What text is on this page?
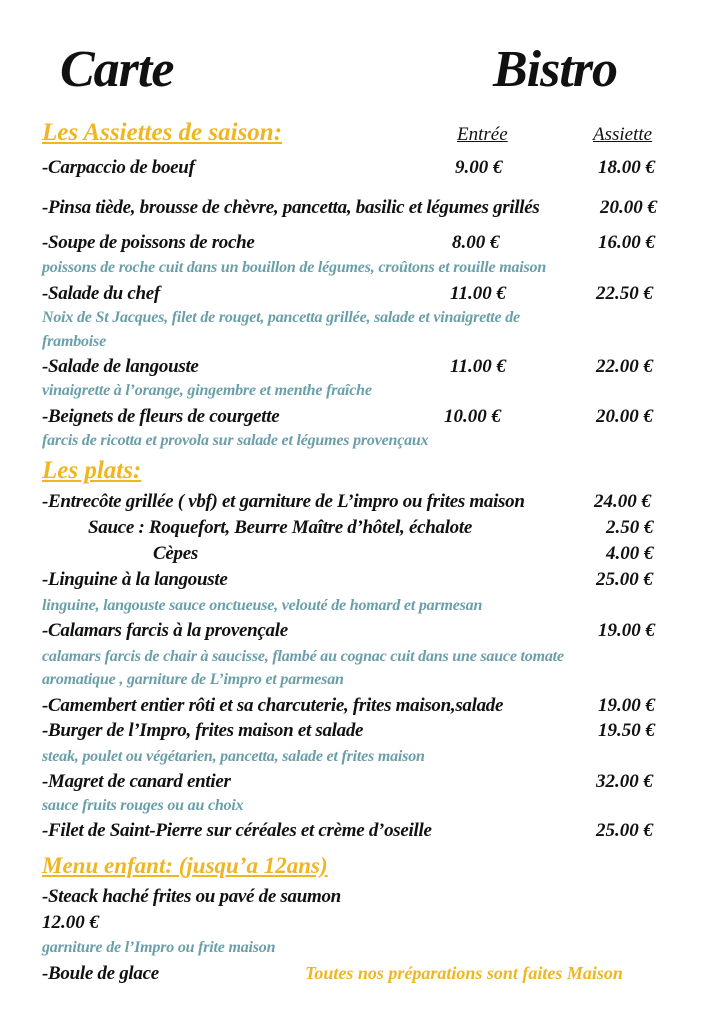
Carte	Bistro
Les Assiettes de saison:	Entrée	Assiette
-Carpaccio de boeuf	9.00 €	18.00 €
-Pinsa tiède, brousse de chèvre, pancetta, basilic et légumes grillés	20.00 €
-Soupe de poissons de roche	8.00 €	16.00 €
poissons de roche cuit dans un bouillon de légumes, croûtons et rouille maison
-Salade du chef	11.00 €	22.50 €
Noix de St Jacques, filet de rouget, pancetta grillée, salade et vinaigrette de
framboise
-Salade de langouste	11.00 €	22.00 €
vinaigrette à l’orange, gingembre et menthe fraîche
-Beignets de fleurs de courgette	10.00 €	20.00 €
farcis de ricotta et provola sur salade et légumes provençaux
Les plats:
-Entrecôte grillée ( vbf) et garniture de L’impro ou frites maison	24.00 €
Sauce : Roquefort, Beurre Maître d’hôtel, échalote	2.50 €
Cèpes	4.00 €
-Linguine à la langouste	25.00 €
linguine, langouste sauce onctueuse, velouté de homard et parmesan
-Calamars farcis à la provençale	19.00 €
calamars farcis de chair à saucisse, flambé au cognac cuit dans une sauce tomate
aromatique , garniture de L’impro et parmesan
-Camembert entier rôti et sa charcuterie, frites maison,salade	19.00 €
-Burger de l’Impro, frites maison et salade	19.50 €
steak, poulet ou végétarien, pancetta, salade et frites maison
-Magret de canard entier	32.00 €
sauce fruits rouges ou au choix
-Filet de Saint-Pierre sur céréales et crème d’oseille	25.00 €
Menu enfant: (jusqu’a 12ans)
-Steack haché frites ou pavé de saumon
12.00 €
garniture de l’Impro ou frite maison
-Boule de glace	Toutes nos préparations sont faites Maison
